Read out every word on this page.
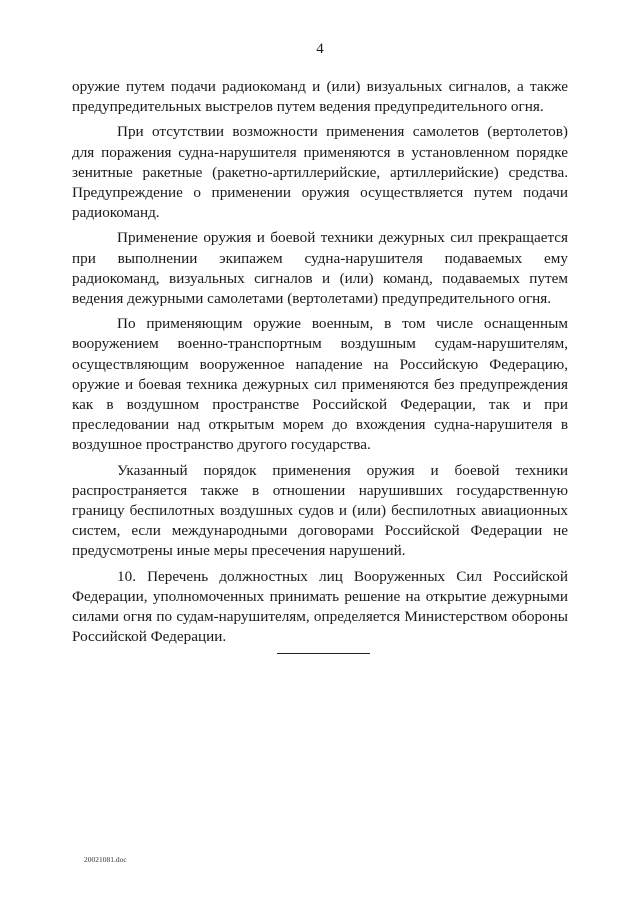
4

оружие путем подачи радиокоманд и (или) визуальных сигналов, а также предупредительных выстрелов путем ведения предупредительного огня.

При отсутствии возможности применения самолетов (вертолетов) для поражения судна-нарушителя применяются в установленном порядке зенитные ракетные (ракетно-артиллерийские, артиллерийские) средства. Предупреждение о применении оружия осуществляется путем подачи радиокоманд.

Применение оружия и боевой техники дежурных сил прекращается при выполнении экипажем судна-нарушителя подаваемых ему радиокоманд, визуальных сигналов и (или) команд, подаваемых путем ведения дежурными самолетами (вертолетами) предупредительного огня.

По применяющим оружие военным, в том числе оснащенным вооружением военно-транспортным воздушным судам-нарушителям, осуществляющим вооруженное нападение на Российскую Федерацию, оружие и боевая техника дежурных сил применяются без предупреждения как в воздушном пространстве Российской Федерации, так и при преследовании над открытым морем до вхождения судна-нарушителя в воздушное пространство другого государства.

Указанный порядок применения оружия и боевой техники распространяется также в отношении нарушивших государственную границу беспилотных воздушных судов и (или) беспилотных авиационных систем, если международными договорами Российской Федерации не предусмотрены иные меры пресечения нарушений.

10. Перечень должностных лиц Вооруженных Сил Российской Федерации, уполномоченных принимать решение на открытие дежурными силами огня по судам-нарушителям, определяется Министерством обороны Российской Федерации.

20021081.doc
